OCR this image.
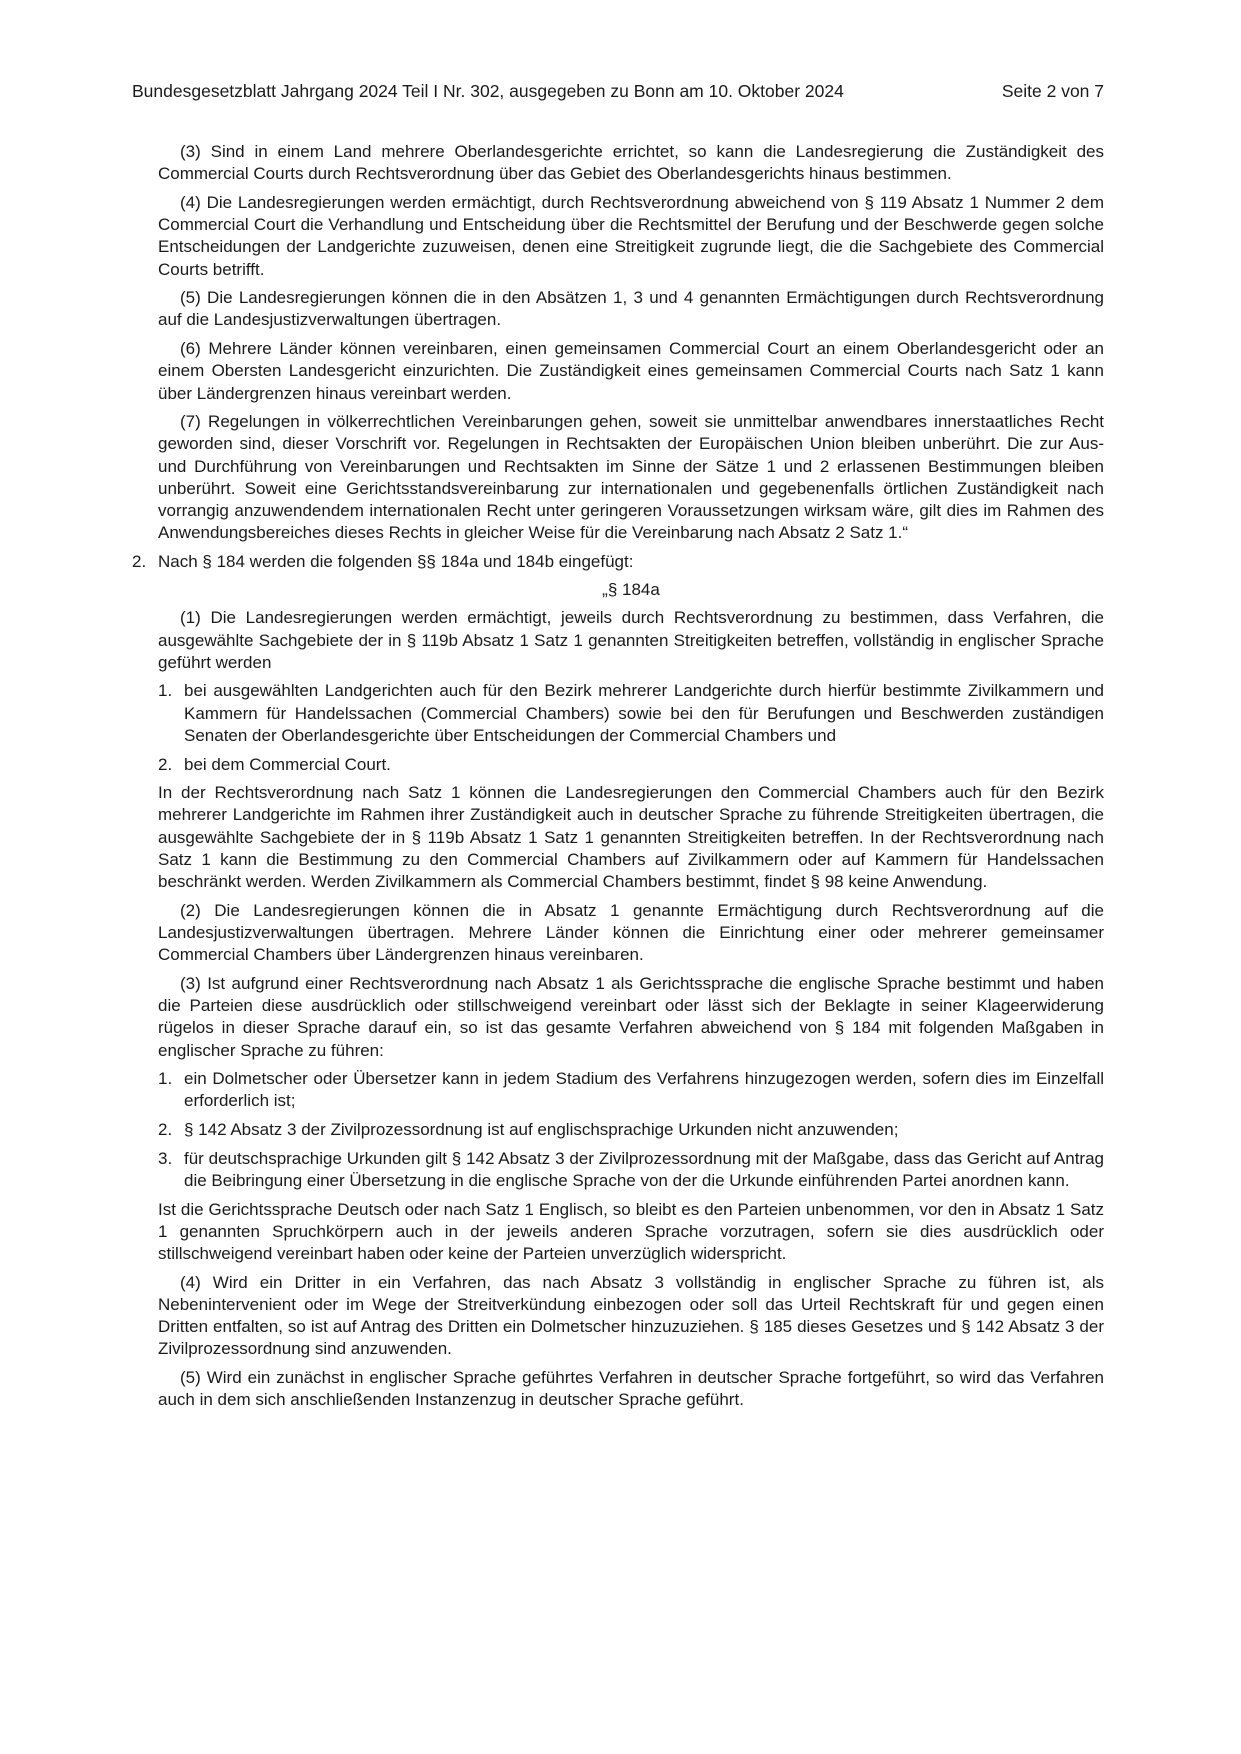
Bundesgesetzblatt Jahrgang 2024 Teil I Nr. 302, ausgegeben zu Bonn am 10. Oktober 2024	Seite 2 von 7

(3) Sind in einem Land mehrere Oberlandesgerichte errichtet, so kann die Landesregierung die Zuständigkeit des Commercial Courts durch Rechtsverordnung über das Gebiet des Oberlandesgerichts hinaus bestimmen.

(4) Die Landesregierungen werden ermächtigt, durch Rechtsverordnung abweichend von § 119 Absatz 1 Nummer 2 dem Commercial Court die Verhandlung und Entscheidung über die Rechtsmittel der Berufung und der Beschwerde gegen solche Entscheidungen der Landgerichte zuzuweisen, denen eine Streitigkeit zugrunde liegt, die die Sachgebiete des Commercial Courts betrifft.

(5) Die Landesregierungen können die in den Absätzen 1, 3 und 4 genannten Ermächtigungen durch Rechtsverordnung auf die Landesjustizverwaltungen übertragen.

(6) Mehrere Länder können vereinbaren, einen gemeinsamen Commercial Court an einem Oberlandesgericht oder an einem Obersten Landesgericht einzurichten. Die Zuständigkeit eines gemeinsamen Commercial Courts nach Satz 1 kann über Ländergrenzen hinaus vereinbart werden.

(7) Regelungen in völkerrechtlichen Vereinbarungen gehen, soweit sie unmittelbar anwendbares innerstaatliches Recht geworden sind, dieser Vorschrift vor. Regelungen in Rechtsakten der Europäischen Union bleiben unberührt. Die zur Aus- und Durchführung von Vereinbarungen und Rechtsakten im Sinne der Sätze 1 und 2 erlassenen Bestimmungen bleiben unberührt. Soweit eine Gerichtsstandsvereinbarung zur internationalen und gegebenenfalls örtlichen Zuständigkeit nach vorrangig anzuwendendem internationalen Recht unter geringeren Voraussetzungen wirksam wäre, gilt dies im Rahmen des Anwendungsbereiches dieses Rechts in gleicher Weise für die Vereinbarung nach Absatz 2 Satz 1.“

2. Nach § 184 werden die folgenden §§ 184a und 184b eingefügt:
„§ 184a

(1) Die Landesregierungen werden ermächtigt, jeweils durch Rechtsverordnung zu bestimmen, dass Verfahren, die ausgewählte Sachgebiete der in § 119b Absatz 1 Satz 1 genannten Streitigkeiten betreffen, vollständig in englischer Sprache geführt werden

1. bei ausgewählten Landgerichten auch für den Bezirk mehrerer Landgerichte durch hierfür bestimmte Zivilkammern und Kammern für Handelssachen (Commercial Chambers) sowie bei den für Berufungen und Beschwerden zuständigen Senaten der Oberlandesgerichte über Entscheidungen der Commercial Chambers und
2. bei dem Commercial Court.

In der Rechtsverordnung nach Satz 1 können die Landesregierungen den Commercial Chambers auch für den Bezirk mehrerer Landgerichte im Rahmen ihrer Zuständigkeit auch in deutscher Sprache zu führende Streitigkeiten übertragen, die ausgewählte Sachgebiete der in § 119b Absatz 1 Satz 1 genannten Streitigkeiten betreffen. In der Rechtsverordnung nach Satz 1 kann die Bestimmung zu den Commercial Chambers auf Zivilkammern oder auf Kammern für Handelssachen beschränkt werden. Werden Zivilkammern als Commercial Chambers bestimmt, findet § 98 keine Anwendung.

(2) Die Landesregierungen können die in Absatz 1 genannte Ermächtigung durch Rechtsverordnung auf die Landesjustizverwaltungen übertragen. Mehrere Länder können die Einrichtung einer oder mehrerer gemeinsamer Commercial Chambers über Ländergrenzen hinaus vereinbaren.

(3) Ist aufgrund einer Rechtsverordnung nach Absatz 1 als Gerichtssprache die englische Sprache bestimmt und haben die Parteien diese ausdrücklich oder stillschweigend vereinbart oder lässt sich der Beklagte in seiner Klageerwiderung rügelos in dieser Sprache darauf ein, so ist das gesamte Verfahren abweichend von § 184 mit folgenden Maßgaben in englischer Sprache zu führen:

1. ein Dolmetscher oder Übersetzer kann in jedem Stadium des Verfahrens hinzugezogen werden, sofern dies im Einzelfall erforderlich ist;
2. § 142 Absatz 3 der Zivilprozessordnung ist auf englischsprachige Urkunden nicht anzuwenden;
3. für deutschsprachige Urkunden gilt § 142 Absatz 3 der Zivilprozessordnung mit der Maßgabe, dass das Gericht auf Antrag die Beibringung einer Übersetzung in die englische Sprache von der die Urkunde einführenden Partei anordnen kann.

Ist die Gerichtssprache Deutsch oder nach Satz 1 Englisch, so bleibt es den Parteien unbenommen, vor den in Absatz 1 Satz 1 genannten Spruchkörpern auch in der jeweils anderen Sprache vorzutragen, sofern sie dies ausdrücklich oder stillschweigend vereinbart haben oder keine der Parteien unverzüglich widerspricht.

(4) Wird ein Dritter in ein Verfahren, das nach Absatz 3 vollständig in englischer Sprache zu führen ist, als Nebenintervenient oder im Wege der Streitverkündung einbezogen oder soll das Urteil Rechtskraft für und gegen einen Dritten entfalten, so ist auf Antrag des Dritten ein Dolmetscher hinzuzuziehen. § 185 dieses Gesetzes und § 142 Absatz 3 der Zivilprozessordnung sind anzuwenden.

(5) Wird ein zunächst in englischer Sprache geführtes Verfahren in deutscher Sprache fortgeführt, so wird das Verfahren auch in dem sich anschließenden Instanzenzug in deutscher Sprache geführt.
